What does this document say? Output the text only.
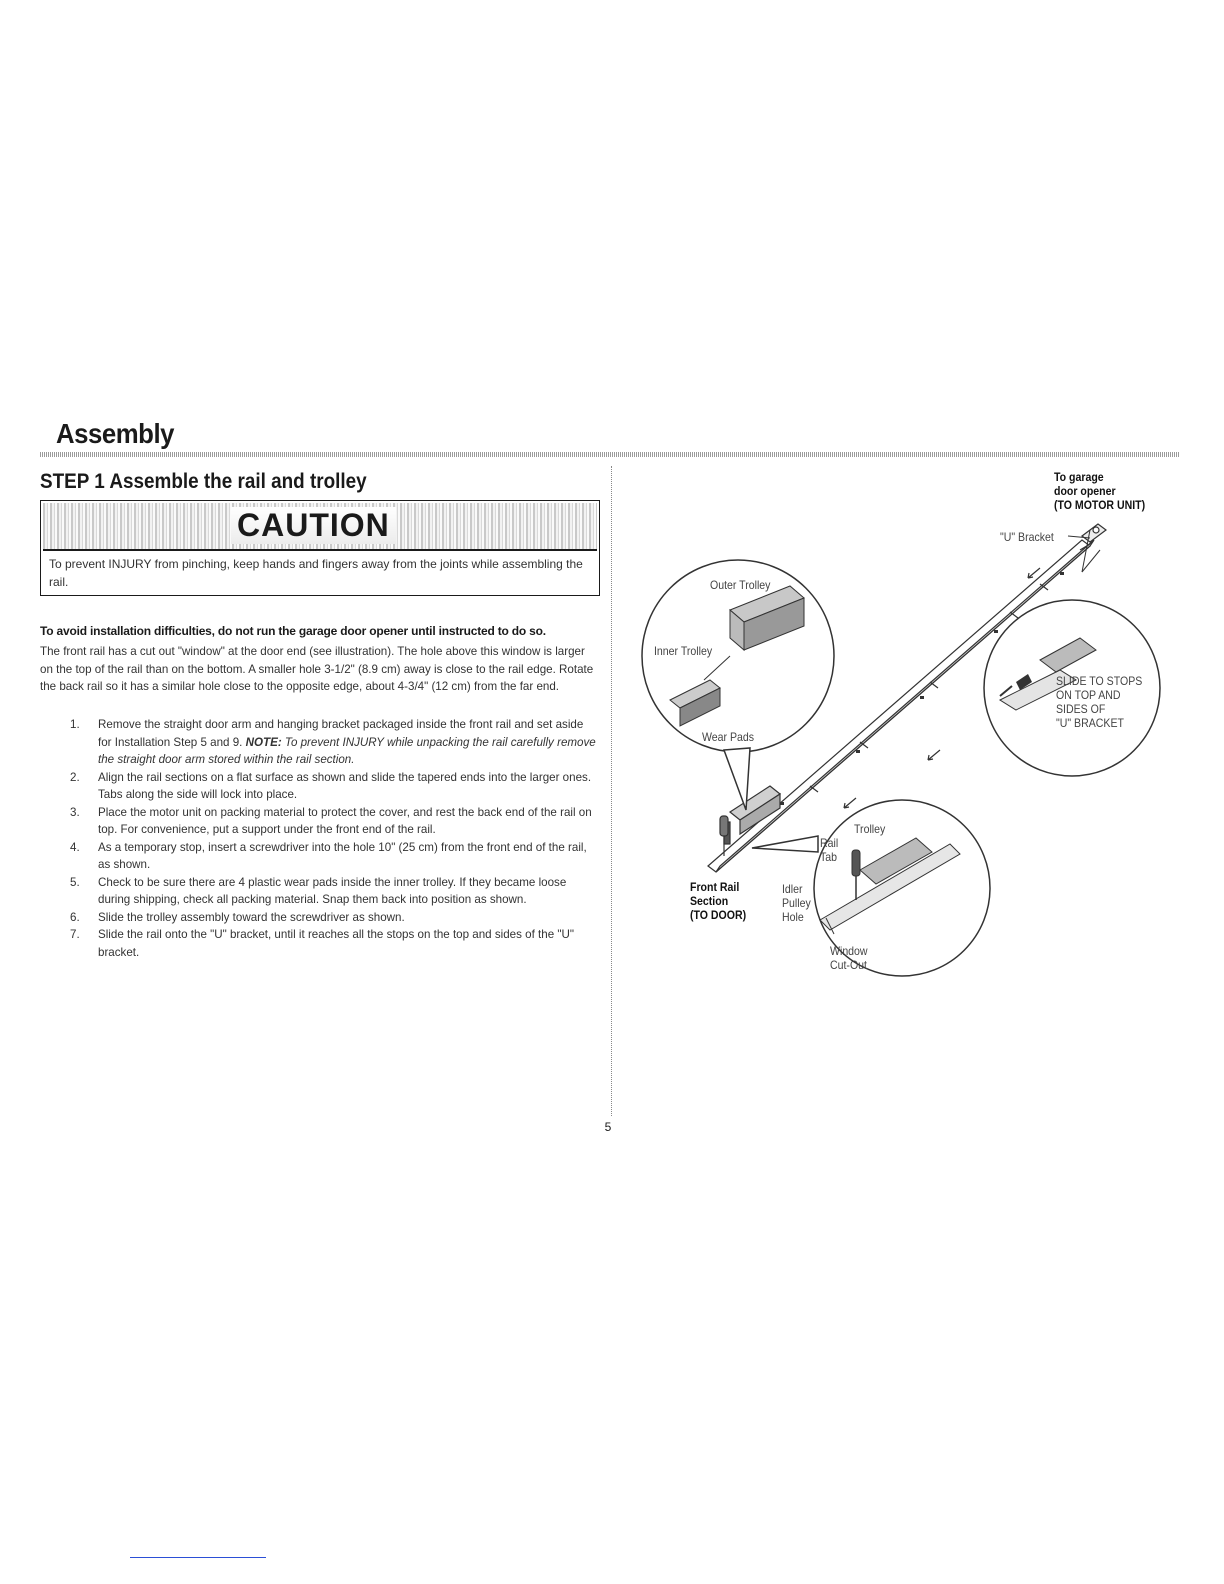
Assembly
STEP 1 Assemble the rail and trolley
CAUTION
To prevent INJURY from pinching, keep hands and fingers away from the joints while assembling the rail.
To avoid installation difficulties, do not run the garage door opener until instructed to do so.
The front rail has a cut out "window" at the door end (see illustration). The hole above this window is larger on the top of the rail than on the bottom. A smaller hole 3-1/2" (8.9 cm) away is close to the rail edge. Rotate the back rail so it has a similar hole close to the opposite edge, about 4-3/4" (12 cm) from the far end.
1. Remove the straight door arm and hanging bracket packaged inside the front rail and set aside for Installation Step 5 and 9. NOTE: To prevent INJURY while unpacking the rail carefully remove the straight door arm stored within the rail section.
2. Align the rail sections on a flat surface as shown and slide the tapered ends into the larger ones. Tabs along the side will lock into place.
3. Place the motor unit on packing material to protect the cover, and rest the back end of the rail on top. For convenience, put a support under the front end of the rail.
4. As a temporary stop, insert a screwdriver into the hole 10" (25 cm) from the front end of the rail, as shown.
5. Check to be sure there are 4 plastic wear pads inside the inner trolley. If they became loose during shipping, check all packing material. Snap them back into position as shown.
6. Slide the trolley assembly toward the screwdriver as shown.
7. Slide the rail onto the "U" bracket, until it reaches all the stops on the top and sides of the "U" bracket.
To garage
door opener
(TO MOTOR UNIT)
"U" Bracket
Outer Trolley
Inner Trolley
Wear Pads
SLIDE TO STOPS
ON TOP AND
SIDES OF
"U" BRACKET
Trolley
Rail
Tab
Front Rail
Section
(TO DOOR)
Idler
Pulley
Hole
Window
Cut-Out
5
